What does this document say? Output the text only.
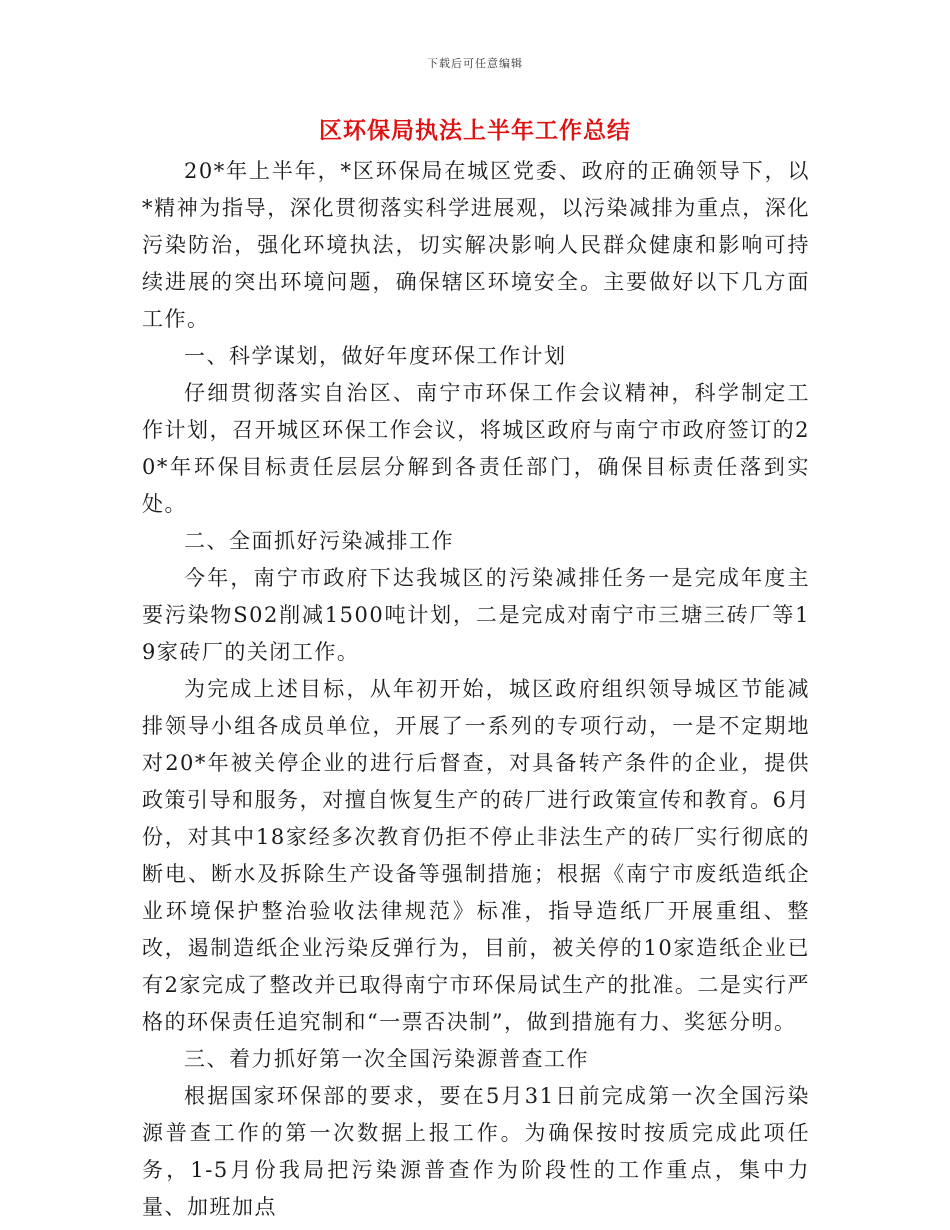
下载后可任意编辑
区环保局执法上半年工作总结

20*年上半年，*区环保局在城区党委、政府的正确领导下，以*精神为指导，深化贯彻落实科学进展观，以污染减排为重点，深化污染防治，强化环境执法，切实解决影响人民群众健康和影响可持续进展的突出环境问题，确保辖区环境安全。主要做好以下几方面工作。

一、科学谋划，做好年度环保工作计划

仔细贯彻落实自治区、南宁市环保工作会议精神，科学制定工作计划，召开城区环保工作会议，将城区政府与南宁市政府签订的20*年环保目标责任层层分解到各责任部门，确保目标责任落到实处。

二、全面抓好污染减排工作

今年，南宁市政府下达我城区的污染减排任务一是完成年度主要污染物S02削减1500吨计划，二是完成对南宁市三塘三砖厂等19家砖厂的关闭工作。

为完成上述目标，从年初开始，城区政府组织领导城区节能减排领导小组各成员单位，开展了一系列的专项行动，一是不定期地对20*年被关停企业的进行后督查，对具备转产条件的企业，提供政策引导和服务，对擅自恢复生产的砖厂进行政策宣传和教育。6月份，对其中18家经多次教育仍拒不停止非法生产的砖厂实行彻底的断电、断水及拆除生产设备等强制措施；根据《南宁市废纸造纸企业环境保护整治验收法律规范》标准，指导造纸厂开展重组、整改，遏制造纸企业污染反弹行为，目前，被关停的10家造纸企业已有2家完成了整改并已取得南宁市环保局试生产的批准。二是实行严格的环保责任追究制和“一票否决制”，做到措施有力、奖惩分明。

三、着力抓好第一次全国污染源普查工作

根据国家环保部的要求，要在5月31日前完成第一次全国污染源普查工作的第一次数据上报工作。为确保按时按质完成此项任务，1-5月份我局把污染源普查作为阶段性的工作重点，集中力量、加班加点
